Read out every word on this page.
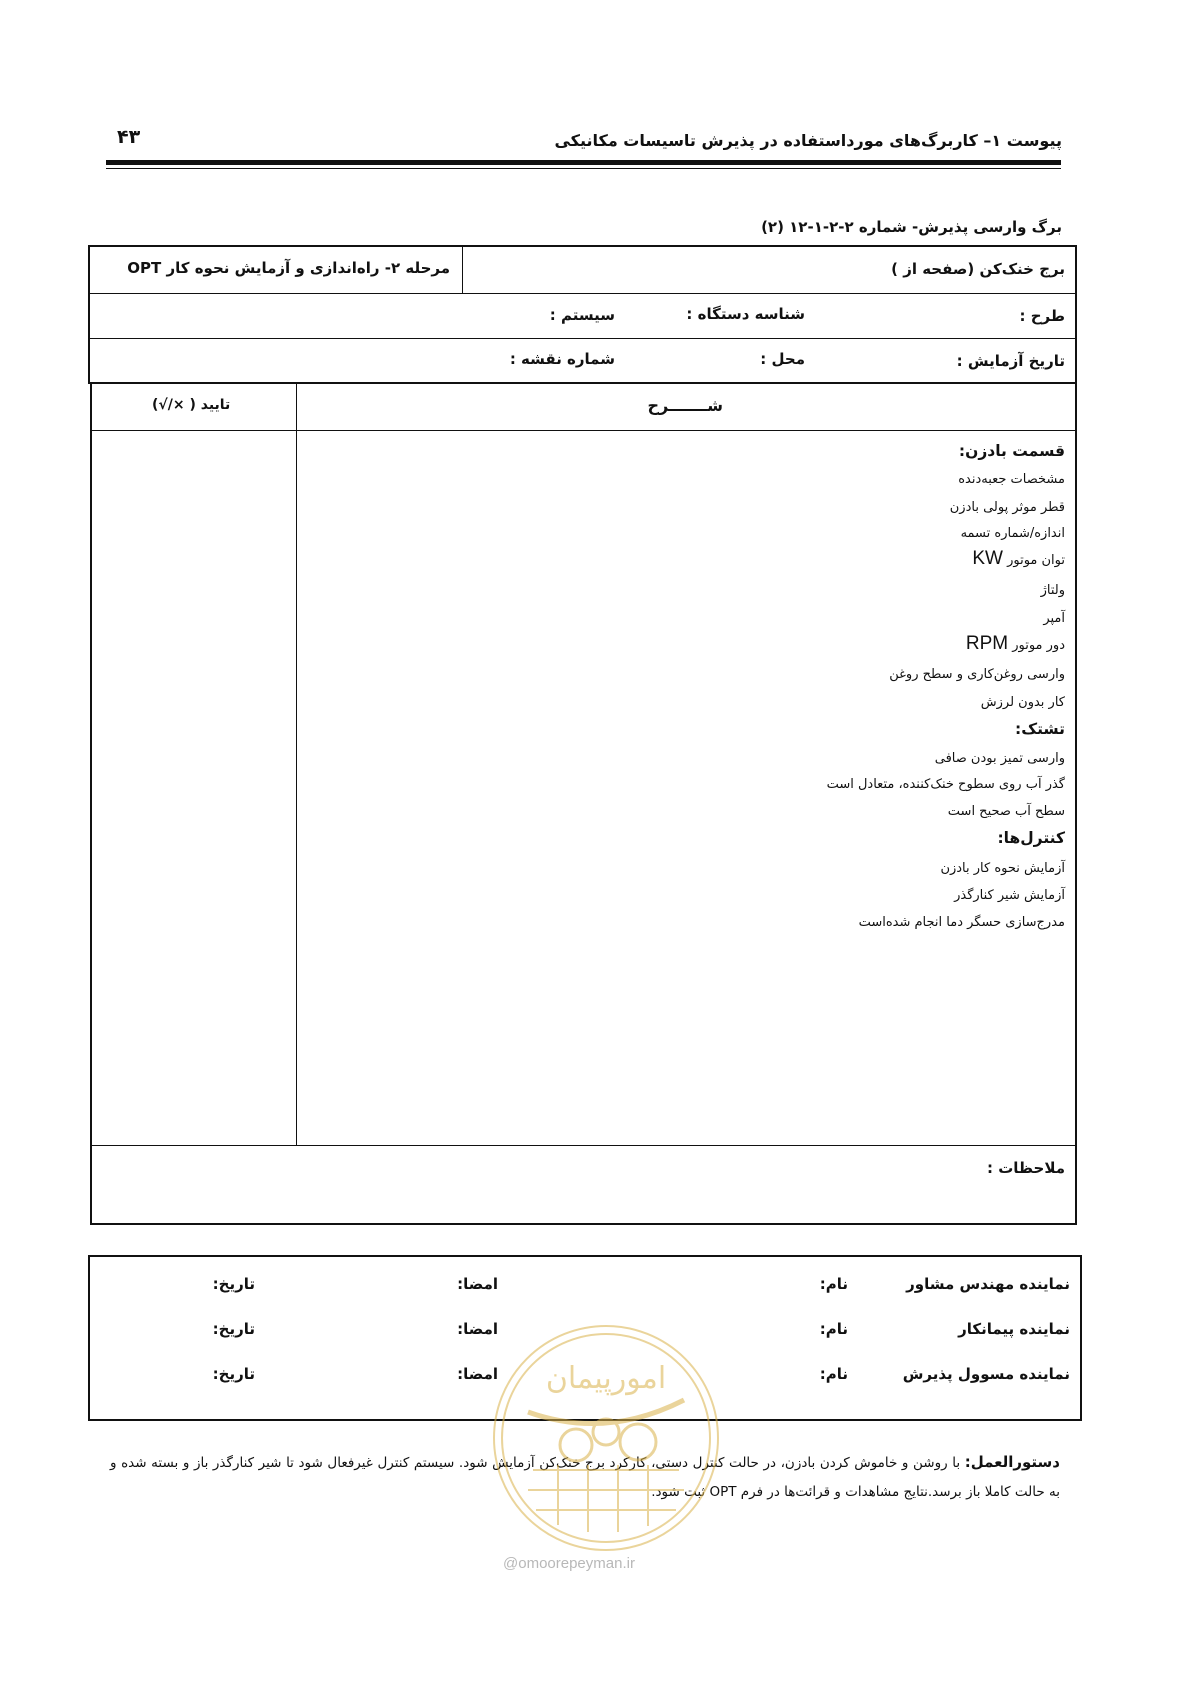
۴۳	پیوست ۱– کاربرگ‌های مورداستفاده در پذیرش تاسیسات مکانیکی
برگ وارسی پذیرش- شماره ۲-۲-۱-۱۲ (۲)
برج خنک‌کن (صفحه از )
مرحله ۲- راه‌اندازی و آزمایش نحوه کار OPT
طرح :
شناسه دستگاه :
سیستم :
تاریخ آزمایش :
محل :
شماره نقشه :
شـــــــرح
تایید ( ×/√)
قسمت بادزن:
مشخصات جعبه‌دنده
قطر موثر پولی بادزن
اندازه/شماره تسمه
توان موتور KW
ولتاژ
آمپر
دور موتور RPM
وارسی روغن‌کاری و سطح روغن
کار بدون لرزش
تشتک:
وارسی تمیز بودن صافی
گذر آب روی سطوح خنک‌کننده، متعادل است
سطح آب صحیح است
کنترل‌ها:
آزمایش نحوه کار بادزن
آزمایش شیر کنارگذر
مدرج‌سازی حسگر دما انجام شده‌است
ملاحظات :
نماینده مهندس مشاور
نام:
امضا:
تاریخ:
نماینده پیمانکار
نام:
امضا:
تاریخ:
نماینده مسوول پذیرش
نام:
امضا:
تاریخ:
دستورالعمل: با روشن و خاموش کردن بادزن، در حالت کنترل دستی، کارکرد برج خنک‌کن آزمایش شود. سیستم کنترل غیرفعال شود تا شیر کنارگذر باز و بسته شده و به حالت کاملا باز برسد.نتایج مشاهدات و قرائت‌ها در فرم OPT ثبت شود.
امورپیمان
@omoorepeyman.ir
